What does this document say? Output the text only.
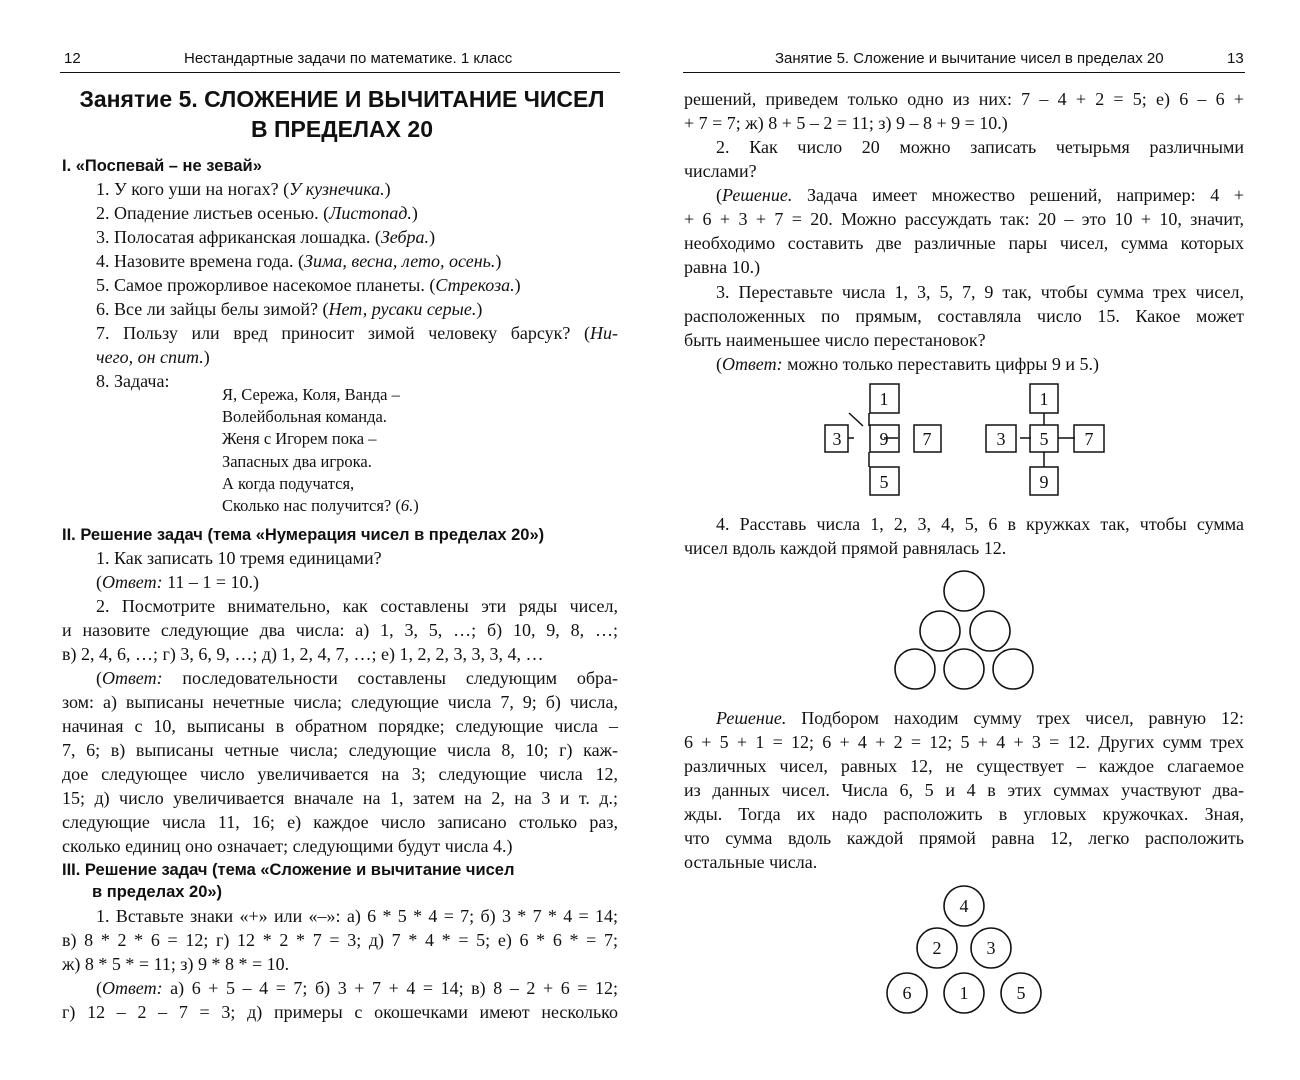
12	Нестандартные задачи по математике. 1 класс
Занятие 5. СЛОЖЕНИЕ И ВЫЧИТАНИЕ ЧИСЕЛ
В ПРЕДЕЛАХ 20
I. «Поспевай – не зевай»
1. У кого уши на ногах? (У кузнечика.)
2. Опадение листьев осенью. (Листопад.)
3. Полосатая африканская лошадка. (Зебра.)
4. Назовите времена года. (Зима, весна, лето, осень.)
5. Самое прожорливое насекомое планеты. (Стрекоза.)
6. Все ли зайцы белы зимой? (Нет, русаки серые.)
7. Пользу или вред приносит зимой человеку барсук? (Ни-
чего, он спит.)
8. Задача:
Я, Сережа, Коля, Ванда –
Волейбольная команда.
Женя с Игорем пока –
Запасных два игрока.
А когда подучатся,
Сколько нас получится? (6.)
II. Решение задач (тема «Нумерация чисел в пределах 20»)
1. Как записать 10 тремя единицами?
(Ответ: 11 – 1 = 10.)
2. Посмотрите внимательно, как составлены эти ряды чисел,
и назовите следующие два числа: а) 1, 3, 5, …; б) 10, 9, 8, …;
в) 2, 4, 6, …; г) 3, 6, 9, …; д) 1, 2, 4, 7, …; е) 1, 2, 2, 3, 3, 3, 4, …
(Ответ: последовательности составлены следующим обра-
зом: а) выписаны нечетные числа; следующие числа 7, 9; б) числа,
начиная с 10, выписаны в обратном порядке; следующие числа –
7, 6; в) выписаны четные числа; следующие числа 8, 10; г) каж-
дое следующее число увеличивается на 3; следующие числа 12,
15; д) число увеличивается вначале на 1, затем на 2, на 3 и т. д.;
следующие числа 11, 16; е) каждое число записано столько раз,
сколько единиц оно означает; следующими будут числа 4.)
III. Решение задач (тема «Сложение и вычитание чисел
в пределах 20»)
1. Вставьте знаки «+» или «–»: а) 6 * 5 * 4 = 7; б) 3 * 7 * 4 = 14;
в) 8 * 2 * 6 = 12; г) 12 * 2 * 7 = 3; д) 7 * 4 * = 5; е) 6 * 6 * = 7;
ж) 8 * 5 * = 11; з) 9 * 8 * = 10.
(Ответ: а) 6 + 5 – 4 = 7; б) 3 + 7 + 4 = 14; в) 8 – 2 + 6 = 12;
г) 12 – 2 – 7 = 3; д) примеры с окошечками имеют несколько
Занятие 5. Сложение и вычитание чисел в пределах 20	13
решений, приведем только одно из них: 7 – 4 + 2 = 5; е) 6 – 6 +
+ 7 = 7; ж) 8 + 5 – 2 = 11; з) 9 – 8 + 9 = 10.)
2. Как число 20 можно записать четырьмя различными
числами?
(Решение. Задача имеет множество решений, например: 4 +
+ 6 + 3 + 7 = 20. Можно рассуждать так: 20 – это 10 + 10, значит,
необходимо составить две различные пары чисел, сумма которых
равна 10.)
3. Переставьте числа 1, 3, 5, 7, 9 так, чтобы сумма трех чисел,
расположенных по прямым, составляла число 15. Какое может
быть наименьшее число перестановок?
(Ответ: можно только переставить цифры 9 и 5.)
1
3 9 7
5
1
3 5 7
9
4
2	3
6	1	5
4. Расставь числа 1, 2, 3, 4, 5, 6 в кружках так, чтобы сумма
чисел вдоль каждой прямой равнялась 12.
Решение. Подбором находим сумму трех чисел, равную 12:
6 + 5 + 1 = 12; 6 + 4 + 2 = 12; 5 + 4 + 3 = 12. Других сумм трех
различных чисел, равных 12, не существует – каждое слагаемое
из данных чисел. Числа 6, 5 и 4 в этих суммах участвуют два-
жды. Тогда их надо расположить в угловых кружочках. Зная,
что сумма вдоль каждой прямой равна 12, легко расположить
остальные числа.
